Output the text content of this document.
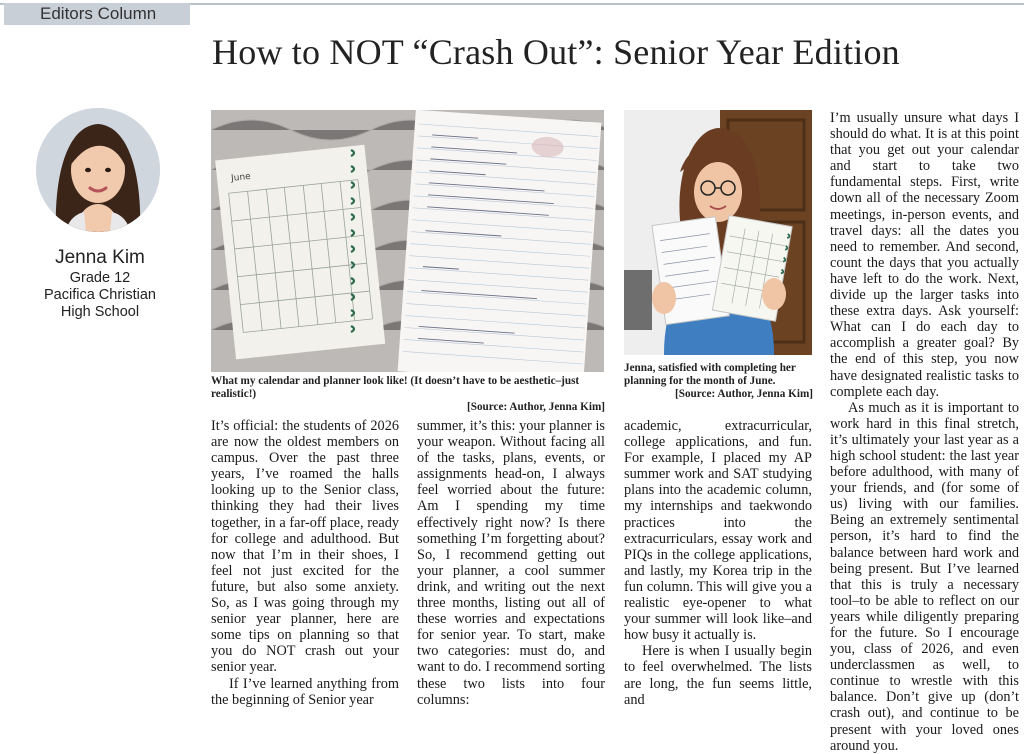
Editors Column
How to NOT “Crash Out”: Senior Year Edition
Jenna Kim
Grade 12
Pacifica Christian
High School
June
What my calendar and planner look like! (It doesn’t have to be aesthetic–just realistic!)
[Source: Author, Jenna Kim]
Jenna, satisfied with completing her planning for the month of June.
[Source: Author, Jenna Kim]

It’s official: the students of 2026 are now the oldest members on campus. Over the past three years, I’ve roamed the halls looking up to the Senior class, thinking they had their lives together, in a far-off place, ready for college and adulthood. But now that I’m in their shoes, I feel not just excited for the future, but also some anxiety. So, as I was going through my senior year planner, here are some tips on planning so that you do NOT crash out your senior year.

If I’ve learned anything from the beginning of Senior year

summer, it’s this: your planner is your weapon. Without facing all of the tasks, plans, events, or assignments head-on, I always feel worried about the future: Am I spending my time effectively right now? Is there something I’m forgetting about? So, I recommend getting out your planner, a cool summer drink, and writing out the next three months, listing out all of these worries and expectations for senior year. To start, make two categories: must do, and want to do. I recommend sorting these two lists into four columns:

academic, extracurricular, college applications, and fun. For example, I placed my AP summer work and SAT studying plans into the academic column, my internships and taekwondo practices into the extracurriculars, essay work and PIQs in the college applications, and lastly, my Korea trip in the fun column. This will give you a realistic eye-opener to what your summer will look like–and how busy it actually is.

Here is when I usually begin to feel overwhelmed. The lists are long, the fun seems little, and

I’m usually unsure what days I should do what. It is at this point that you get out your calendar and start to take two fundamental steps. First, write down all of the necessary Zoom meetings, in-person events, and travel days: all the dates you need to remember. And second, count the days that you actually have left to do the work. Next, divide up the larger tasks into these extra days. Ask yourself: What can I do each day to accomplish a greater goal? By the end of this step, you now have designated realistic tasks to complete each day.

As much as it is important to work hard in this final stretch, it’s ultimately your last year as a high school student: the last year before adulthood, with many of your friends, and (for some of us) living with our families. Being an extremely sentimental person, it’s hard to find the balance between hard work and being present. But I’ve learned that this is truly a necessary tool–to be able to reflect on our years while diligently preparing for the future. So I encourage you, class of 2026, and even underclassmen as well, to continue to wrestle with this balance. Don’t give up (don’t crash out), and continue to be present with your loved ones around you.
